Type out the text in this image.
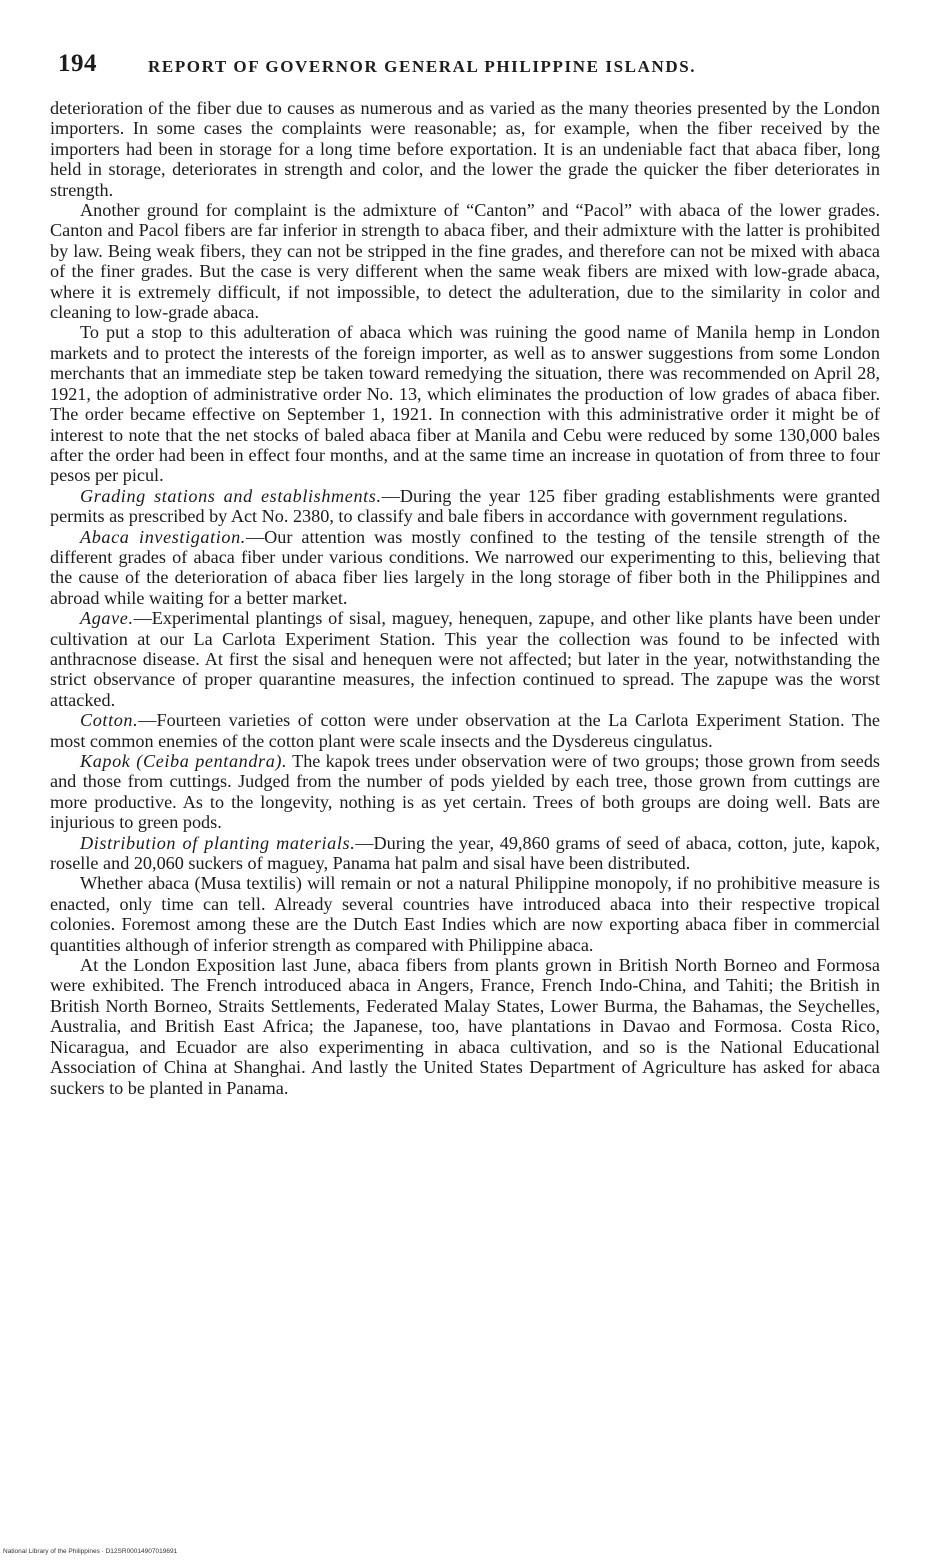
194	REPORT OF GOVERNOR GENERAL PHILIPPINE ISLANDS.

deterioration of the fiber due to causes as numerous and as varied as the many theories presented by the London importers. In some cases the complaints were reasonable; as, for example, when the fiber received by the importers had been in storage for a long time before exportation. It is an undeniable fact that abaca fiber, long held in storage, deteriorates in strength and color, and the lower the grade the quicker the fiber deteriorates in strength.

Another ground for complaint is the admixture of “Canton” and “Pacol” with abaca of the lower grades. Canton and Pacol fibers are far inferior in strength to abaca fiber, and their admixture with the latter is prohibited by law. Being weak fibers, they can not be stripped in the fine grades, and therefore can not be mixed with abaca of the finer grades. But the case is very different when the same weak fibers are mixed with low-grade abaca, where it is extremely difficult, if not impossible, to detect the adulteration, due to the similarity in color and cleaning to low-grade abaca.

To put a stop to this adulteration of abaca which was ruining the good name of Manila hemp in London markets and to protect the interests of the foreign importer, as well as to answer suggestions from some London merchants that an immediate step be taken toward remedying the situation, there was recommended on April 28, 1921, the adoption of administrative order No. 13, which eliminates the production of low grades of abaca fiber. The order became effective on September 1, 1921. In connection with this administrative order it might be of interest to note that the net stocks of baled abaca fiber at Manila and Cebu were reduced by some 130,000 bales after the order had been in effect four months, and at the same time an increase in quotation of from three to four pesos per picul.

Grading stations and establishments.—During the year 125 fiber grading establishments were granted permits as prescribed by Act No. 2380, to classify and bale fibers in accordance with government regulations.

Abaca investigation.—Our attention was mostly confined to the testing of the tensile strength of the different grades of abaca fiber under various conditions. We narrowed our experimenting to this, believing that the cause of the deterioration of abaca fiber lies largely in the long storage of fiber both in the Philippines and abroad while waiting for a better market.

Agave.—Experimental plantings of sisal, maguey, henequen, zapupe, and other like plants have been under cultivation at our La Carlota Experiment Station. This year the collection was found to be infected with anthracnose disease. At first the sisal and henequen were not affected; but later in the year, notwithstanding the strict observance of proper quarantine measures, the infection continued to spread. The zapupe was the worst attacked.

Cotton.—Fourteen varieties of cotton were under observation at the La Carlota Experiment Station. The most common enemies of the cotton plant were scale insects and the Dysdereus cingulatus.

Kapok (Ceiba pentandra). The kapok trees under observation were of two groups; those grown from seeds and those from cuttings. Judged from the number of pods yielded by each tree, those grown from cuttings are more productive. As to the longevity, nothing is as yet certain. Trees of both groups are doing well. Bats are injurious to green pods.

Distribution of planting materials.—During the year, 49,860 grams of seed of abaca, cotton, jute, kapok, roselle and 20,060 suckers of maguey, Panama hat palm and sisal have been distributed.

Whether abaca (Musa textilis) will remain or not a natural Philippine monopoly, if no prohibitive measure is enacted, only time can tell. Already several countries have introduced abaca into their respective tropical colonies. Foremost among these are the Dutch East Indies which are now exporting abaca fiber in commercial quantities although of inferior strength as compared with Philippine abaca.

At the London Exposition last June, abaca fibers from plants grown in British North Borneo and Formosa were exhibited. The French introduced abaca in Angers, France, French Indo-China, and Tahiti; the British in British North Borneo, Straits Settlements, Federated Malay States, Lower Burma, the Bahamas, the Seychelles, Australia, and British East Africa; the Japanese, too, have plantations in Davao and Formosa. Costa Rico, Nicaragua, and Ecuador are also experimenting in abaca cultivation, and so is the National Educational Association of China at Shanghai. And lastly the United States Department of Agriculture has asked for abaca suckers to be planted in Panama.

National Library of the Philippines · D12SR00014907019691
